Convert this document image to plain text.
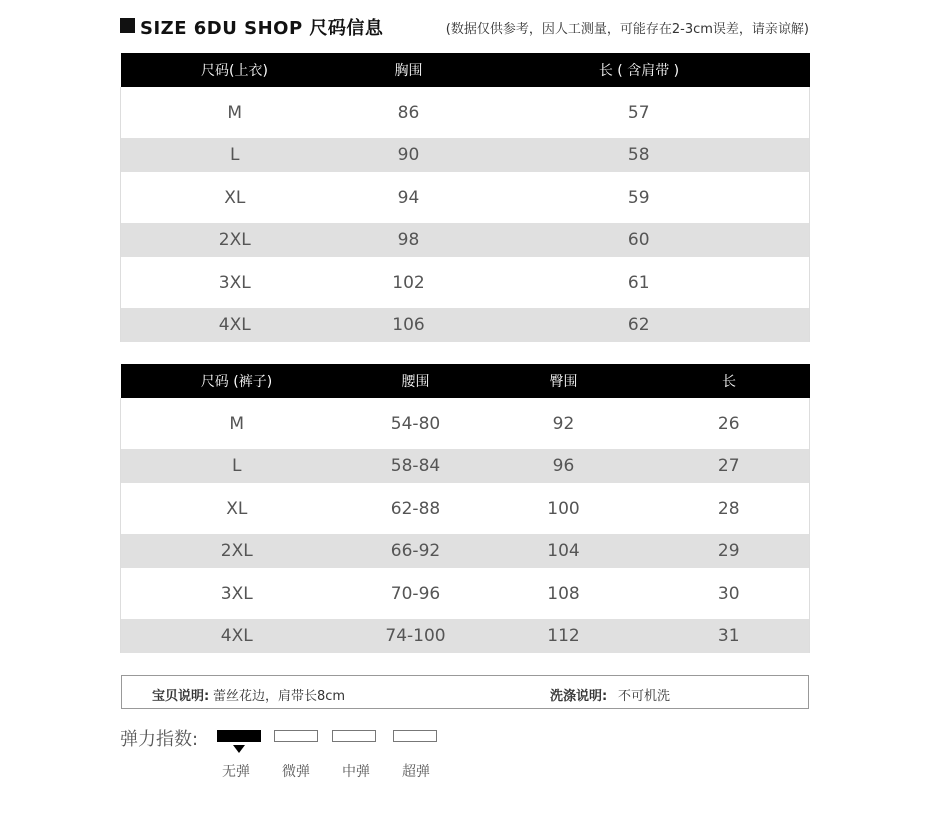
SIZE 6DU SHOP 尺码信息	(数据仅供参考，因人工测量，可能存在2-3cm误差，请亲谅解)
尺码(上衣)	胸围	长 ( 含肩带 )
M	86	57
L	90	58
XL	94	59
2XL	98	60
3XL	102	61
4XL	106	62
尺码 (裤子)	腰围	臀围	长
M	54-80	92	26
L	58-84	96	27
XL	62-88	100	28
2XL	66-92	104	29
3XL	70-96	108	30
4XL	74-100	112	31
宝贝说明: 蕾丝花边，肩带长8cm	洗涤说明: 不可机洗
弹力指数:
无弹 微弹 中弹 超弹
